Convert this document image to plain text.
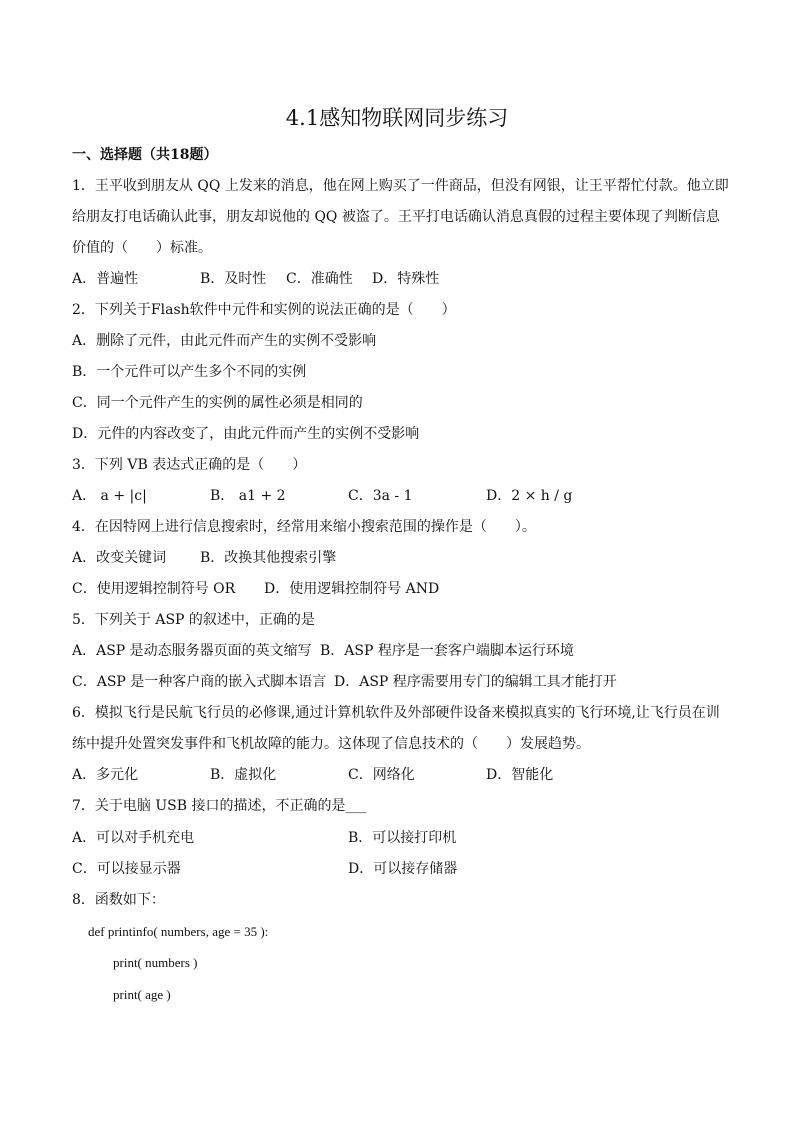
4.1感知物联网同步练习
一、选择题（共18题）
1．王平收到朋友从 QQ 上发来的消息，他在网上购买了一件商品，但没有网银，让王平帮忙付款。他立即
给朋友打电话确认此事，朋友却说他的 QQ 被盗了。王平打电话确认消息真假的过程主要体现了判断信息
价值的（　　）标准。
A．普遍性	B．及时性 C．准确性 D．特殊性
2．下列关于Flash软件中元件和实例的说法正确的是（　　）
A．删除了元件，由此元件而产生的实例不受影响
B．一个元件可以产生多个不同的实例
C．同一个元件产生的实例的属性必须是相同的
D．元件的内容改变了，由此元件而产生的实例不受影响
3．下列 VB 表达式正确的是（　　）
A． a + |c|	B． a1 + 2	C．3a - 1	D．2 × h / g
4．在因特网上进行信息搜索时，经常用来缩小搜索范围的操作是（　　）。
A．改变关键词 B．改换其他搜索引擎
C．使用逻辑控制符号 OR D．使用逻辑控制符号 AND
5．下列关于 ASP 的叙述中，正确的是
A．ASP 是动态服务器页面的英文缩写 B．ASP 程序是一套客户端脚本运行环境
C．ASP 是一种客户商的嵌入式脚本语言 D．ASP 程序需要用专门的编辑工具才能打开
6．模拟飞行是民航飞行员的必修课,通过计算机软件及外部硬件设备来模拟真实的飞行环境,让飞行员在训
练中提升处置突发事件和飞机故障的能力。这体现了信息技术的（　　）发展趋势。
A．多元化	B．虚拟化	C．网络化	D．智能化
7．关于电脑 USB 接口的描述，不正确的是___
A．可以对手机充电	B．可以接打印机
C．可以接显示器	D．可以接存储器
8．函数如下：
def printinfo( numbers, age = 35 ):
print( numbers )
print( age )
